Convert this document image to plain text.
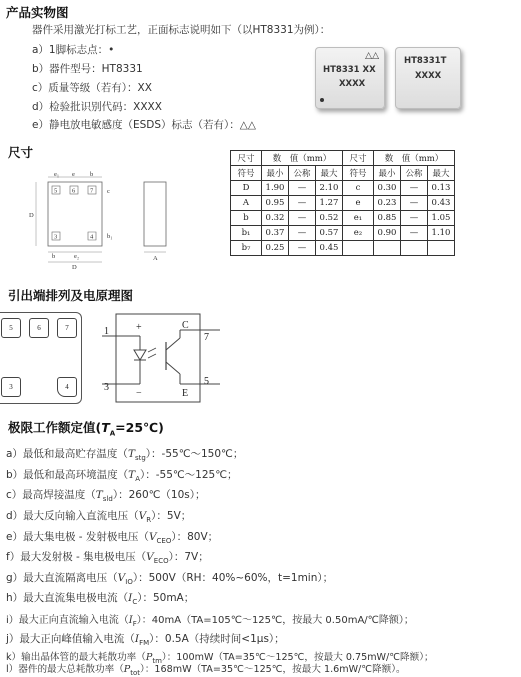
产品实物图
器件采用激光打标工艺，正面标志说明如下（以HT8331为例）：
a）1脚标志点：•
b）器件型号：HT8331
c）质量等级（若有）：XX
d）检验批识别代码：XXXX
e）静电放电敏感度（ESDS）标志（若有）：△△
△△
HT8331 XX
XXXX
HT8331T
XXXX
尺寸
5 6 7
3	4
e₁ e b
b	e₂
D
D
c
b₁
A
尺寸	数　值（mm）			尺寸	数　值（mm）		
符号	最小	公称	最大	符号	最小	公称	最大
D	1.90	—	2.10	c	0.30	—	0.13
A	0.95	—	1.27	e	0.23	—	0.43
b	0.32	—	0.52	e₁	0.85	—	1.05
b₁	0.37	—	0.57	e₂	0.90	—	1.10
b₇	0.25	—	0.45				
引出端排列及电原理图
5	6	7
3	4
1
3
7
5
+
−
C
E
极限工作额定值$(T_A=25℃)$
a）最低和最高贮存温度$(T_{stg})$：-55℃～150℃；
b）最低和最高环境温度$(T_A)$：-55℃～125℃；
c）最高焊接温度$(T_{sld})$：260℃（10s）；
d）最大反向输入直流电压$(V_R)$：5V；
e）最大集电极 - 发射极电压$(V_{CEO})$：80V；
f）最大发射极 - 集电极电压$(V_{ECO})$：7V；
g）最大直流隔离电压$(V_{IO})$：500V（RH：40%~60%，t=1min）；
h）最大直流集电极电流$(I_C)$：50mA；
i）最大正向直流输入电流$(I_F)$：40mA（TA=105℃～125℃，按最大 0.50mA/℃降额）；
j）最大正向峰值输入电流$(I_{FM})$：0.5A（持续时间<1μs）；
k）输出晶体管的最大耗散功率$(P_{tm})$：100mW（TA=35℃～125℃，按最大 0.75mW/℃降额）；
l）器件的最大总耗散功率$(P_{tot})$：168mW（TA=35℃～125℃，按最大 1.6mW/℃降额）。
